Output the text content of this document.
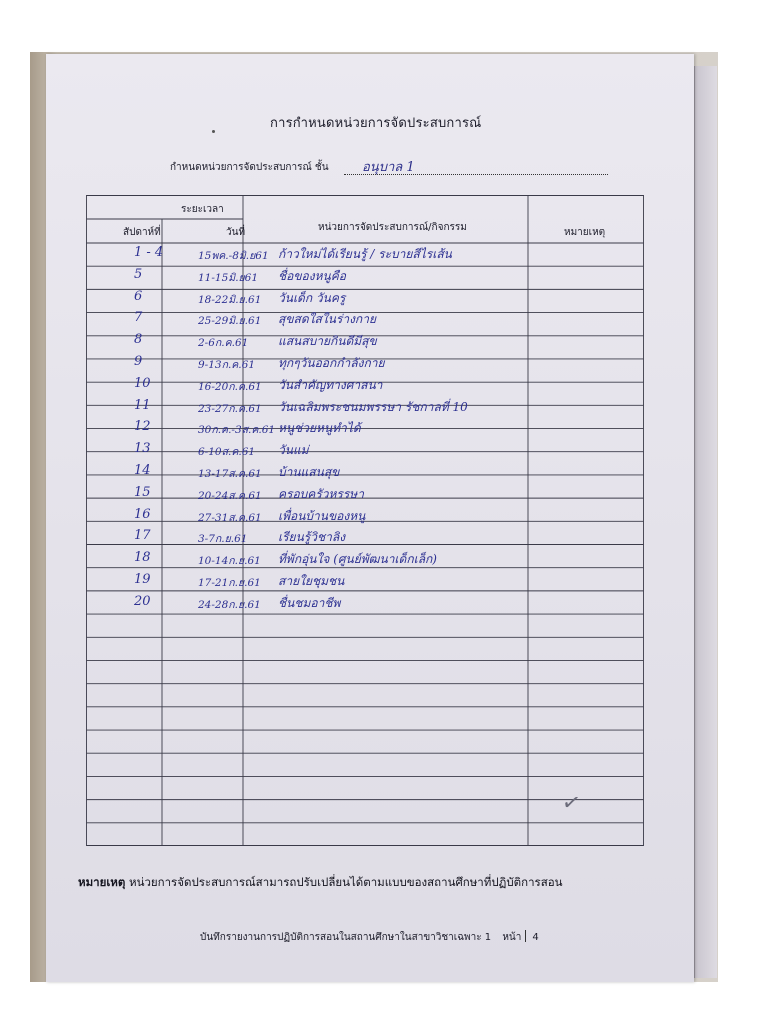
การกำหนดหน่วยการจัดประสบการณ์
กำหนดหน่วยการจัดประสบการณ์ ชั้น	อนุบาล 1
ระยะเวลา
สัปดาห์ที่	วันที่	หน่วยการจัดประสบการณ์/กิจกรรม	หมายเหตุ
1 - 4	15พค.-8มิ.ย61 ก้าวใหม่ได้เรียนรู้ / ระบายสีไรเส้น
5	11-15มิ.ย61 ชื่อของหนูคือ
6	18-22มิ.ย.61 วันเด็ก วันครู
7	25-29มิ.ย.61 สุขสดใสในร่างกาย
8	2-6ก.ค.61 แสนสบายกินดีมีสุข
9	9-13ก.ค.61 ทุกๆวันออกกำลังกาย
10	16-20ก.ค.61 วันสำคัญทางศาสนา
11	23-27ก.ค.61 วันเฉลิมพระชนมพรรษา รัชกาลที่ 10
12	30ก.ค.-3ส.ค.61 หนูช่วยหนูทำได้
13	6-10ส.ค.61 วันแม่
14	13-17ส.ค.61 บ้านแสนสุข
15	20-24ส.ค.61 ครอบครัวหรรษา
16	27-31ส.ค.61 เพื่อนบ้านของหนู
17	3-7ก.ย.61	เรียนรู้วิชาลิง
18	10-14ก.ย.61 ที่พักอุ่นใจ (ศูนย์พัฒนาเด็กเล็ก)
19	17-21ก.ย.61 สายใยชุมชน
20	24-28ก.ย.61 ชื่นชมอาชีพ
✓
หมายเหตุ หน่วยการจัดประสบการณ์สามารถปรับเปลี่ยนได้ตามแบบของสถานศึกษาที่ปฏิบัติการสอน
บันทึกรายงานการปฏิบัติการสอนในสถานศึกษาในสาขาวิชาเฉพาะ 1 หน้า 4
